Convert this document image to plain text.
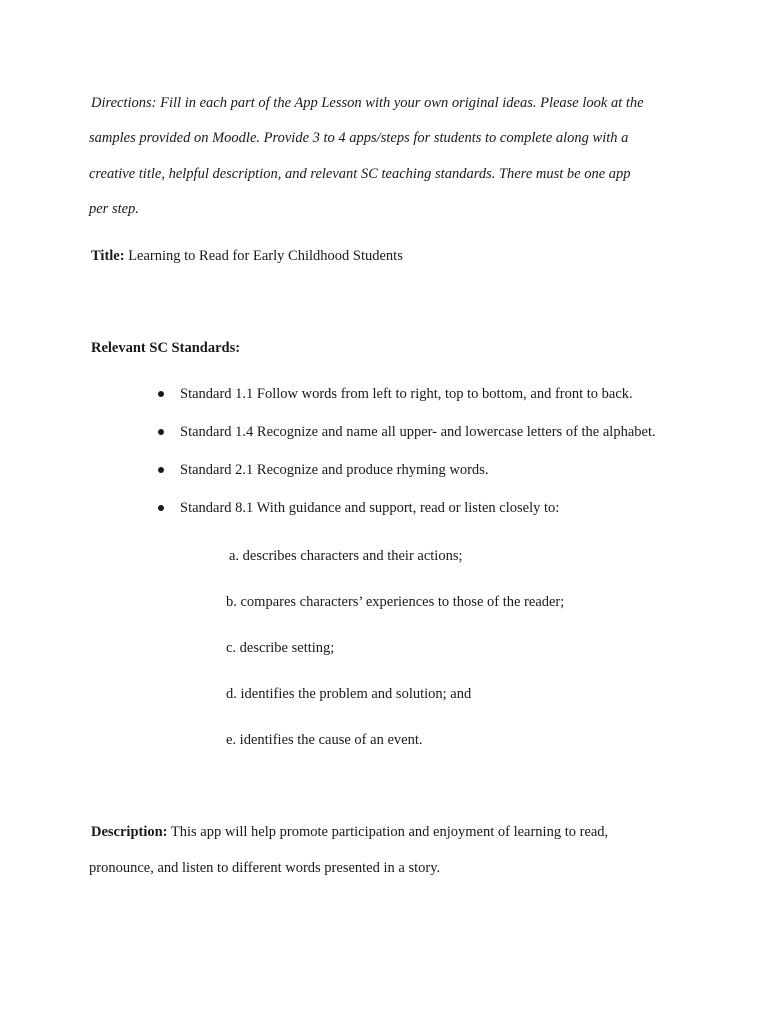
Directions: Fill in each part of the App Lesson with your own original ideas. Please look at the
samples provided on Moodle. Provide 3 to 4 apps/steps for students to complete along with a
creative title, helpful description, and relevant SC teaching standards. There must be one app
per step.
Title: Learning to Read for Early Childhood Students
Relevant SC Standards:
Standard 1.1 Follow words from left to right, top to bottom, and front to back.
Standard 1.4 Recognize and name all upper- and lowercase letters of the alphabet.
Standard 2.1 Recognize and produce rhyming words.
Standard 8.1 With guidance and support, read or listen closely to:
a. describes characters and their actions;
b. compares characters’ experiences to those of the reader;
c. describe setting;
d. identifies the problem and solution; and
e. identifies the cause of an event.
Description: This app will help promote participation and enjoyment of learning to read,
pronounce, and listen to different words presented in a story.
